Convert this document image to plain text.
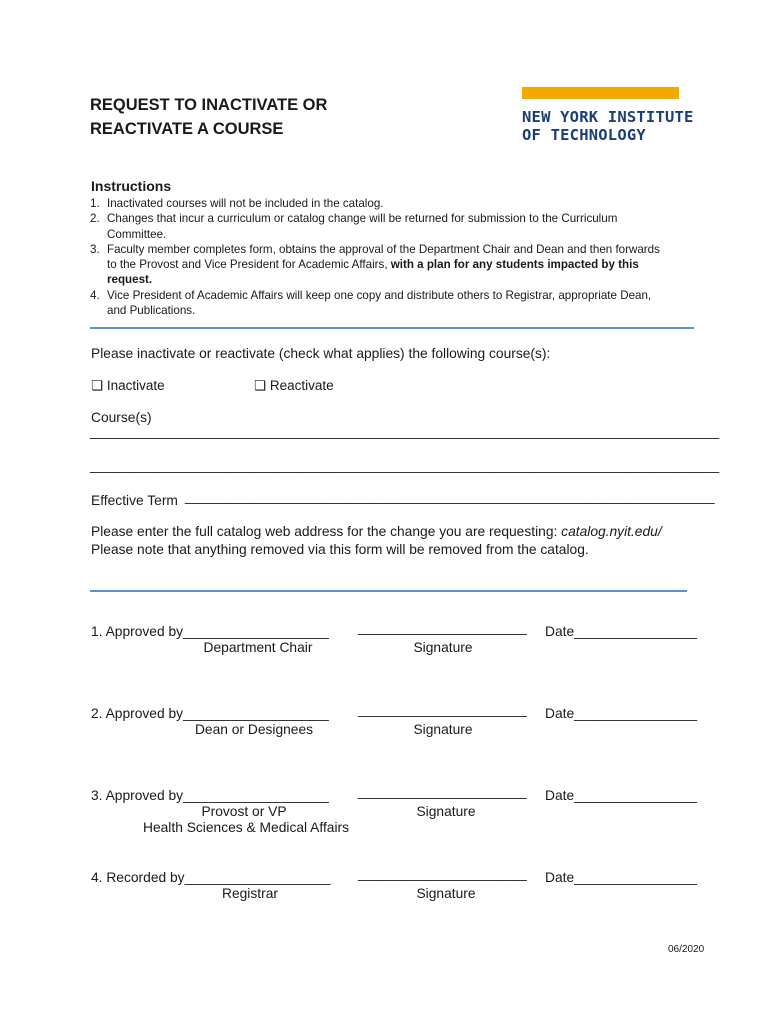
REQUEST TO INACTIVATE OR
REACTIVATE A COURSE
NEW YORK INSTITUTE
OF TECHNOLOGY
Instructions
1. Inactivated courses will not be included in the catalog.
2. Changes that incur a curriculum or catalog change will be returned for submission to the Curriculum Committee.
3. Faculty member completes form, obtains the approval of the Department Chair and Dean and then forwards to the Provost and Vice President for Academic Affairs, with a plan for any students impacted by this request.
4. Vice President of Academic Affairs will keep one copy and distribute others to Registrar, appropriate Dean, and Publications.
Please inactivate or reactivate (check what applies) the following course(s):
❏ Inactivate	❏ Reactivate
Course(s)
__________________________________________________________________________________
__________________________________________________________________________________
Effective Term _____________________________________________________________________
Please enter the full catalog web address for the change you are requesting: catalog.nyit.edu/
Please note that anything removed via this form will be removed from the catalog.
1. Approved by___________________ ______________________ Date________________
Department Chair	Signature
2. Approved by___________________ ______________________ Date________________
Dean or Designees	Signature
3. Approved by___________________ ______________________ Date________________
Provost or VP
Health Sciences & Medical Affairs
Signature
4. Recorded by___________________ ______________________ Date________________
Registrar	Signature
06/2020
